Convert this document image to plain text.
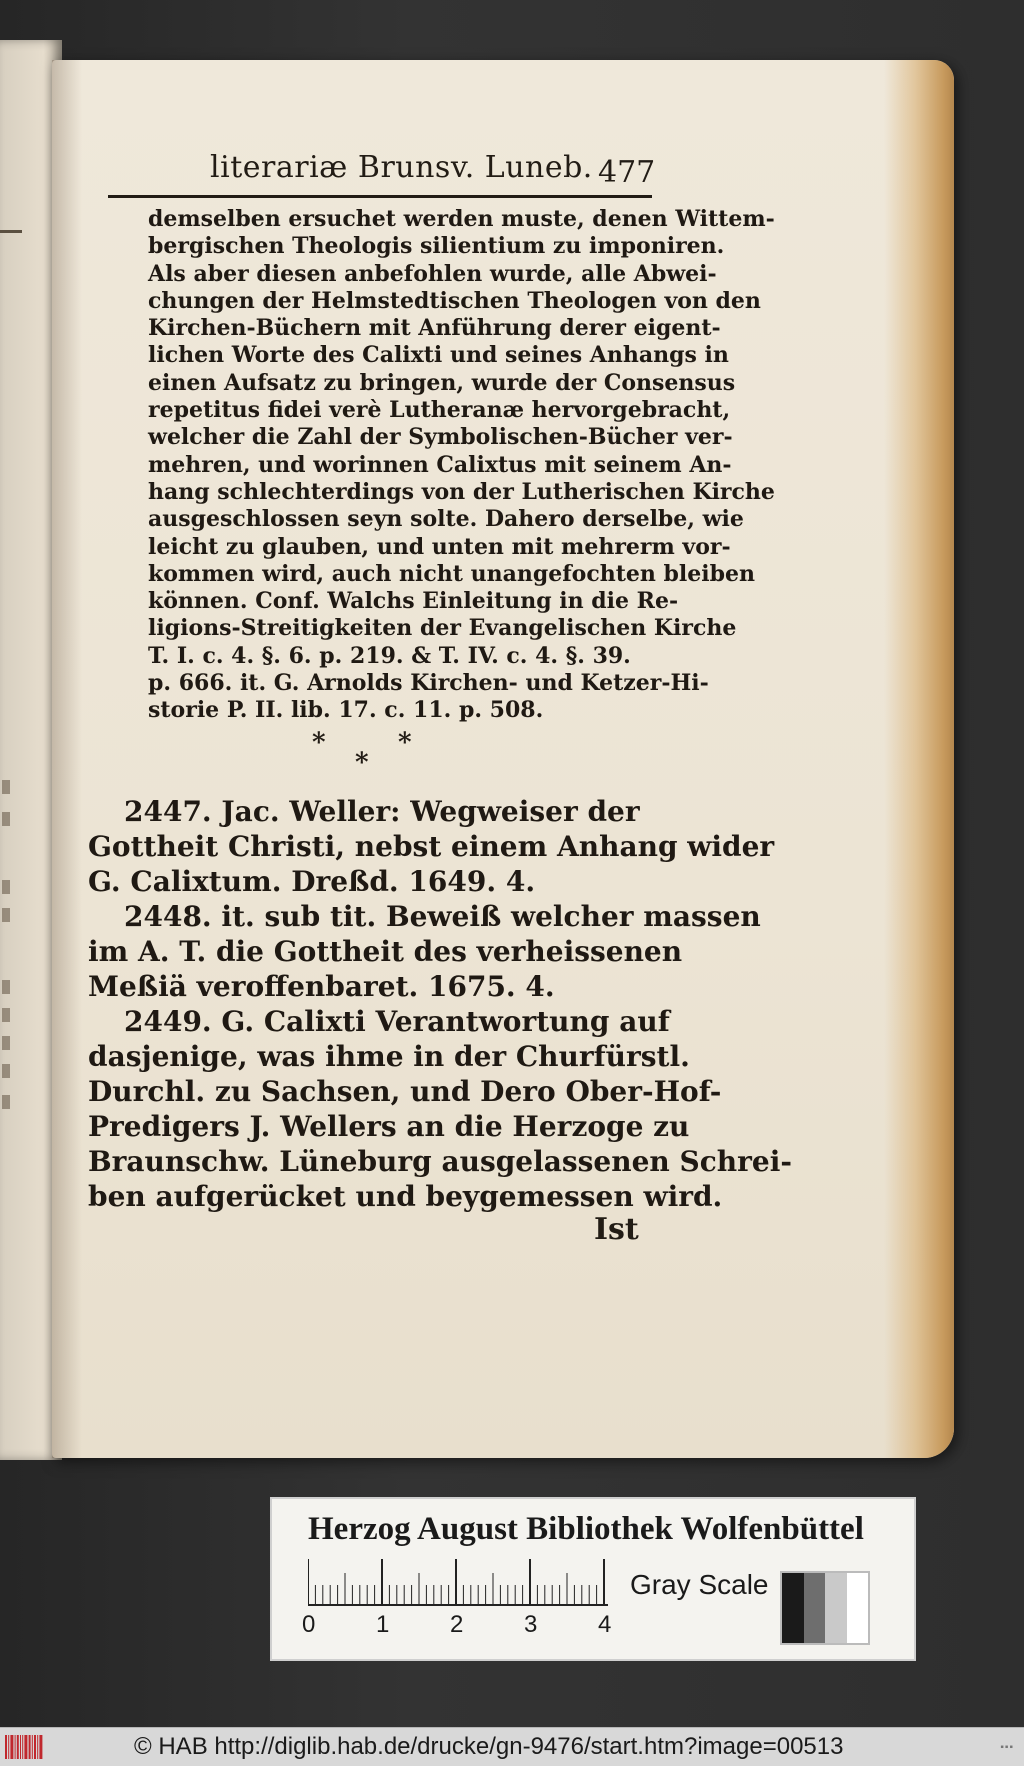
literariæ Brunsv. Luneb. 477
demselben ersuchet werden muste, denen Wittem-
bergischen Theologis silientium zu imponiren.
Als aber diesen anbefohlen wurde, alle Abwei-
chungen der Helmstedtischen Theologen von den
Kirchen-Büchern mit Anführung derer eigent-
lichen Worte des Calixti und seines Anhangs in
einen Aufsatz zu bringen, wurde der Consensus
repetitus fidei verè Lutheranæ hervorgebracht,
welcher die Zahl der Symbolischen-Bücher ver-
mehren, und worinnen Calixtus mit seinem An-
hang schlechterdings von der Lutherischen Kirche
ausgeschlossen seyn solte. Dahero derselbe, wie
leicht zu glauben, und unten mit mehrerm vor-
kommen wird, auch nicht unangefochten bleiben
können. Conf. Walchs Einleitung in die Re-
ligions-Streitigkeiten der Evangelischen Kirche
T. I. c. 4. §. 6. p. 219. & T. IV. c. 4. §. 39.
p. 666. it. G. Arnolds Kirchen- und Ketzer-Hi-
storie P. II. lib. 17. c. 11. p. 508.
*	*
*
2447. Jac. Weller: Wegweiser der
Gottheit Christi, nebst einem Anhang wider
G. Calixtum. Dreßd. 1649. 4.
2448. it. sub tit. Beweiß welcher massen
im A. T. die Gottheit des verheissenen
Meßiä veroffenbaret. 1675. 4.
2449. G. Calixti Verantwortung auf
dasjenige, was ihme in der Churfürstl.
Durchl. zu Sachsen, und Dero Ober-Hof-
Predigers J. Wellers an die Herzoge zu
Braunschw. Lüneburg ausgelassenen Schrei-
ben aufgerücket und beygemessen wird.
Ist
Herzog August Bibliothek Wolfenbüttel
0	1	2	3	4
Gray Scale
© HAB http://diglib.hab.de/drucke/gn-9476/start.htm?image=00513	▪▪▪
